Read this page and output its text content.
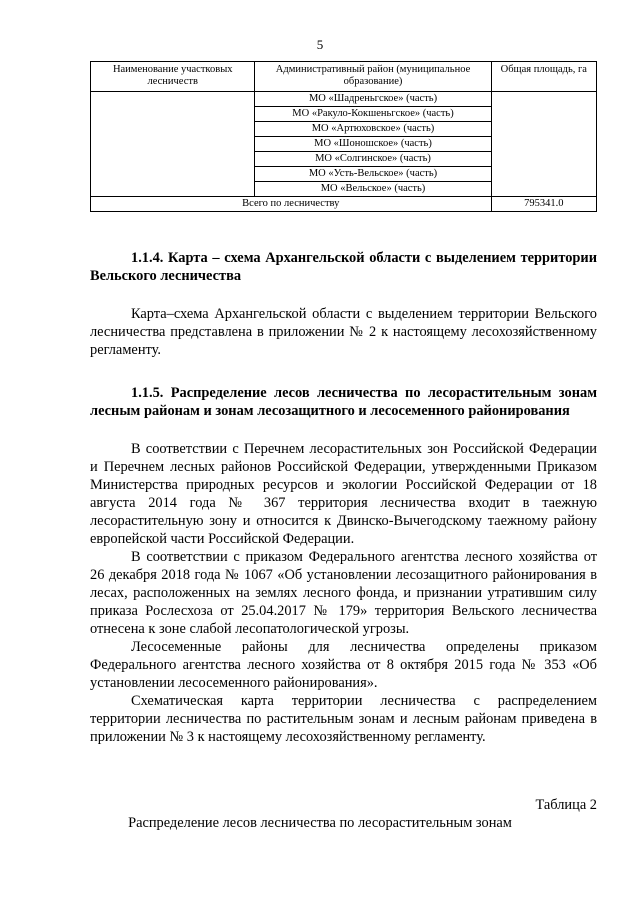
5
Наименование участковых лесничеств	Административный район (муниципальное образование)	Общая площадь, га
	МО «Шадреньгское» (часть)	
	МО «Ракуло-Кокшеньгское» (часть)	
	МО «Артюховское» (часть)	
	МО «Шоношское» (часть)	
	МО «Солгинское» (часть)	
	МО «Усть-Вельское» (часть)	
	МО «Вельское» (часть)	
Всего по лесничеству		795341.0
1.1.4. Карта – схема Архангельской области с выделением территории Вельского лесничества
Карта–схема Архангельской области с выделением территории Вельского лесничества представлена в приложении № 2 к настоящему лесохозяйственному регламенту.
1.1.5. Распределение лесов лесничества по лесорастительным зонам лесным районам и зонам лесозащитного и лесосеменного районирования

В соответствии с Перечнем лесорастительных зон Российской Федерации и Перечнем лесных районов Российской Федерации, утвержденными Приказом Министерства природных ресурсов и экологии Российской Федерации от 18 августа 2014 года № 367 территория лесничества входит в таежную лесорастительную зону и относится к Двинско-Вычегодскому таежному району европейской части Российской Федерации.

В соответствии с приказом Федерального агентства лесного хозяйства от 26 декабря 2018 года № 1067 «Об установлении лесозащитного районирования в лесах, расположенных на землях лесного фонда, и признании утратившим силу приказа Рослесхоза от 25.04.2017 № 179» территория Вельского лесничества отнесена к зоне слабой лесопатологической угрозы.

Лесосеменные районы для лесничества определены приказом Федерального агентства лесного хозяйства от 8 октября 2015 года № 353 «Об установлении лесосеменного районирования».

Схематическая карта территории лесничества с распределением территории лесничества по растительным зонам и лесным районам приведена в приложении № 3 к настоящему лесохозяйственному регламенту.

Таблица 2
Распределение лесов лесничества по лесорастительным зонам
